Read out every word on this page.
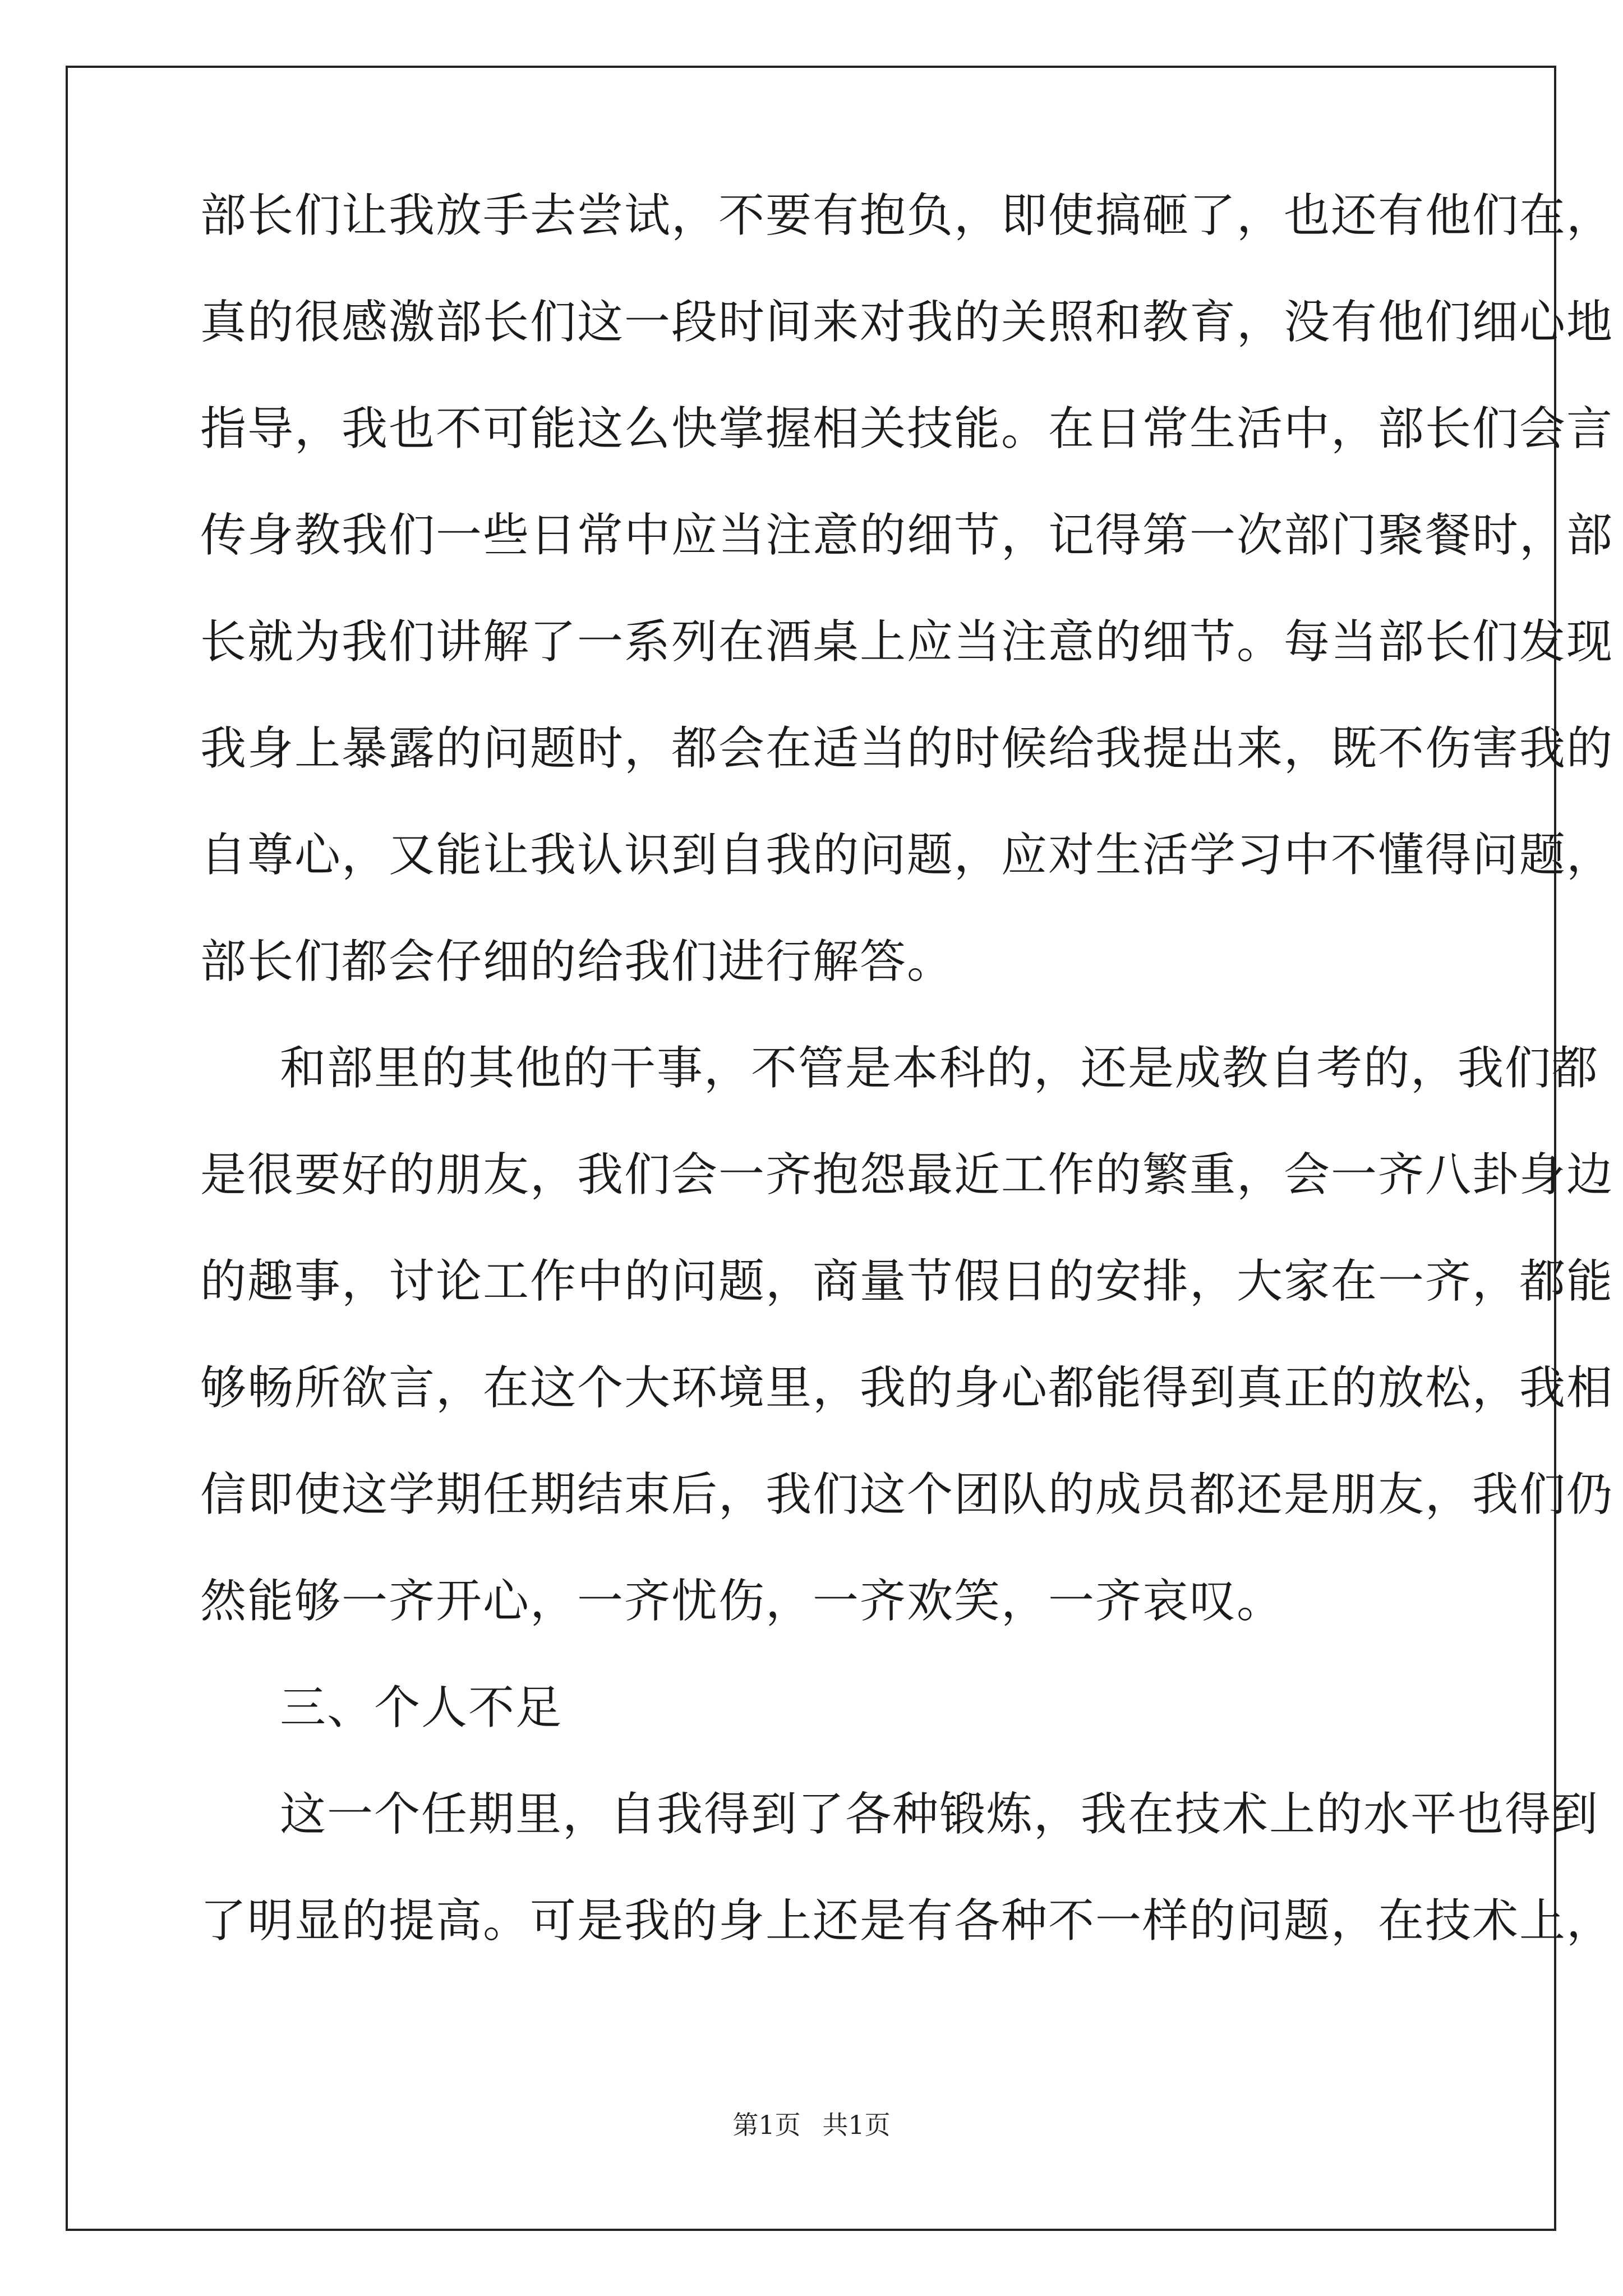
部长们让我放手去尝试，不要有抱负，即使搞砸了，也还有他们在，
真的很感激部长们这一段时间来对我的关照和教育，没有他们细心地
指导，我也不可能这么快掌握相关技能。在日常生活中，部长们会言
传身教我们一些日常中应当注意的细节，记得第一次部门聚餐时，部
长就为我们讲解了一系列在酒桌上应当注意的细节。每当部长们发现
我身上暴露的问题时，都会在适当的时候给我提出来，既不伤害我的
自尊心，又能让我认识到自我的问题，应对生活学习中不懂得问题，
部长们都会仔细的给我们进行解答。
和部里的其他的干事，不管是本科的，还是成教自考的，我们都
是很要好的朋友，我们会一齐抱怨最近工作的繁重，会一齐八卦身边
的趣事，讨论工作中的问题，商量节假日的安排，大家在一齐，都能
够畅所欲言，在这个大环境里，我的身心都能得到真正的放松，我相
信即使这学期任期结束后，我们这个团队的成员都还是朋友，我们仍
然能够一齐开心，一齐忧伤，一齐欢笑，一齐哀叹。
三、个人不足
这一个任期里，自我得到了各种锻炼，我在技术上的水平也得到
了明显的提高。可是我的身上还是有各种不一样的问题，在技术上，
第1页 共1页
